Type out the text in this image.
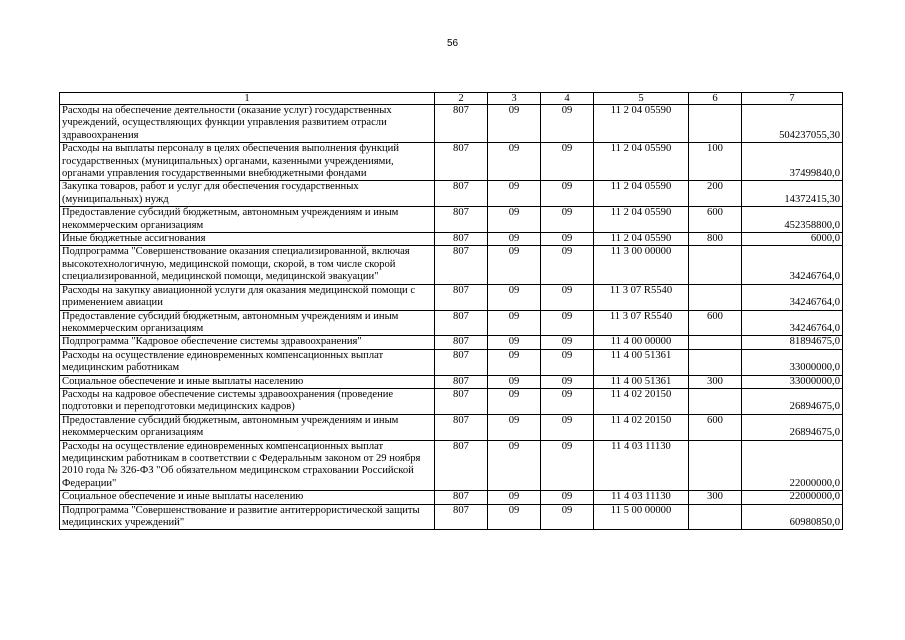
56
1	2	3	4	5	6	7
Расходы на обеспечение деятельности (оказание услуг) государственных учреждений, осуществляющих функции управления развитием отрасли здравоохранения	807	09	09	11 2 04 05590		504237055,30
Расходы на выплаты персоналу в целях обеспечения выполнения функций государственных (муниципальных) органами, казенными учреждениями, органами управления государственными внебюджетными фондами	807	09	09	11 2 04 05590	100	37499840,0
Закупка товаров, работ и услуг для обеспечения государственных (муниципальных) нужд	807	09	09	11 2 04 05590	200	14372415,30
Предоставление субсидий бюджетным, автономным учреждениям и иным некоммерческим организациям	807	09	09	11 2 04 05590	600	452358800,0
Иные бюджетные ассигнования	807	09	09	11 2 04 05590	800	6000,0
Подпрограмма "Совершенствование оказания специализированной, включая высокотехнологичную, медицинской помощи, скорой, в том числе скорой специализированной, медицинской помощи, медицинской эвакуации"	807	09	09	11 3 00 00000		34246764,0
Расходы на закупку авиационной услуги для оказания медицинской помощи с применением авиации	807	09	09	11 3 07 R5540		34246764,0
Предоставление субсидий бюджетным, автономным учреждениям и иным некоммерческим организациям	807	09	09	11 3 07 R5540	600	34246764,0
Подпрограмма "Кадровое обеспечение системы здравоохранения"	807	09	09	11 4 00 00000		81894675,0
Расходы на осуществление единовременных компенсационных выплат медицинским работникам	807	09	09	11 4 00 51361		33000000,0
Социальное обеспечение и иные выплаты населению	807	09	09	11 4 00 51361	300	33000000,0
Расходы на кадровое обеспечение системы здравоохранения (проведение подготовки и переподготовки медицинских кадров)	807	09	09	11 4 02 20150		26894675,0
Предоставление субсидий бюджетным, автономным учреждениям и иным некоммерческим организациям	807	09	09	11 4 02 20150	600	26894675,0
Расходы на осуществление единовременных компенсационных выплат медицинским работникам в соответствии с Федеральным законом от 29 ноября 2010 года № 326-ФЗ "Об обязательном медицинском страховании Российской Федерации"	807	09	09	11 4 03 11130		22000000,0
Социальное обеспечение и иные выплаты населению	807	09	09	11 4 03 11130	300	22000000,0
Подпрограмма "Совершенствование и развитие антитеррористической защиты медицинских учреждений"	807	09	09	11 5 00 00000		60980850,0
